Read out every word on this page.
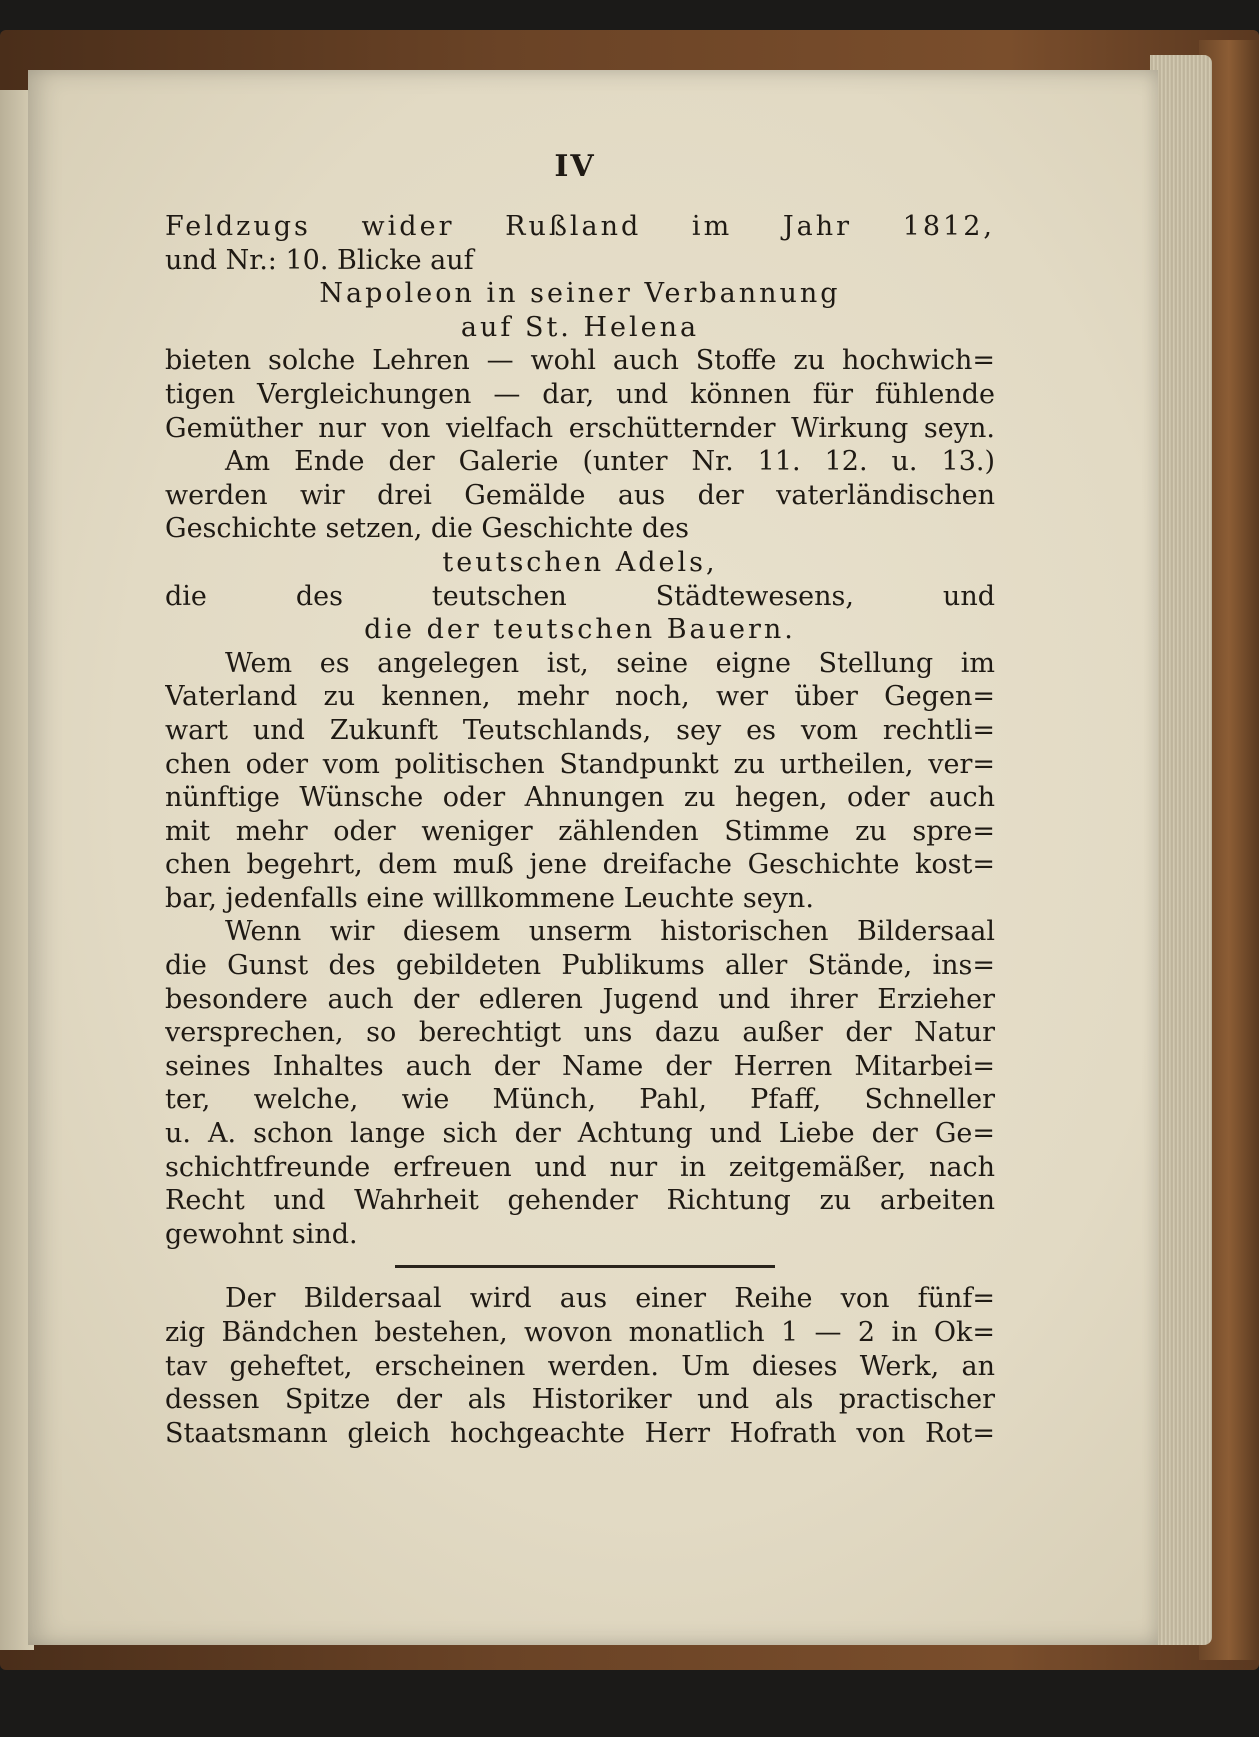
IV
Feldzugs wider Rußland im Jahr 1812,
und Nr.: 10. Blicke auf
Napoleon in seiner Verbannung
auf St. Helena
bieten solche Lehren — wohl auch Stoffe zu hochwich=
tigen Vergleichungen — dar, und können für fühlende
Gemüther nur von vielfach erschütternder Wirkung seyn.
Am Ende der Galerie (unter Nr. 11. 12. u. 13.)
werden wir drei Gemälde aus der vaterländischen
Geschichte setzen, die Geschichte des
teutschen Adels,
die des teutschen Städtewesens, und
die der teutschen Bauern.
Wem es angelegen ist, seine eigne Stellung im
Vaterland zu kennen, mehr noch, wer über Gegen=
wart und Zukunft Teutschlands, sey es vom rechtli=
chen oder vom politischen Standpunkt zu urtheilen, ver=
nünftige Wünsche oder Ahnungen zu hegen, oder auch
mit mehr oder weniger zählenden Stimme zu spre=
chen begehrt, dem muß jene dreifache Geschichte kost=
bar, jedenfalls eine willkommene Leuchte seyn.
Wenn wir diesem unserm historischen Bildersaal
die Gunst des gebildeten Publikums aller Stände, ins=
besondere auch der edleren Jugend und ihrer Erzieher
versprechen, so berechtigt uns dazu außer der Natur
seines Inhaltes auch der Name der Herren Mitarbei=
ter, welche, wie Münch, Pahl, Pfaff, Schneller
u. A. schon lange sich der Achtung und Liebe der Ge=
schichtfreunde erfreuen und nur in zeitgemäßer, nach
Recht und Wahrheit gehender Richtung zu arbeiten
gewohnt sind.
Der Bildersaal wird aus einer Reihe von fünf=
zig Bändchen bestehen, wovon monatlich 1 — 2 in Ok=
tav geheftet, erscheinen werden. Um dieses Werk, an
dessen Spitze der als Historiker und als practischer
Staatsmann gleich hochgeachte Herr Hofrath von Rot=
